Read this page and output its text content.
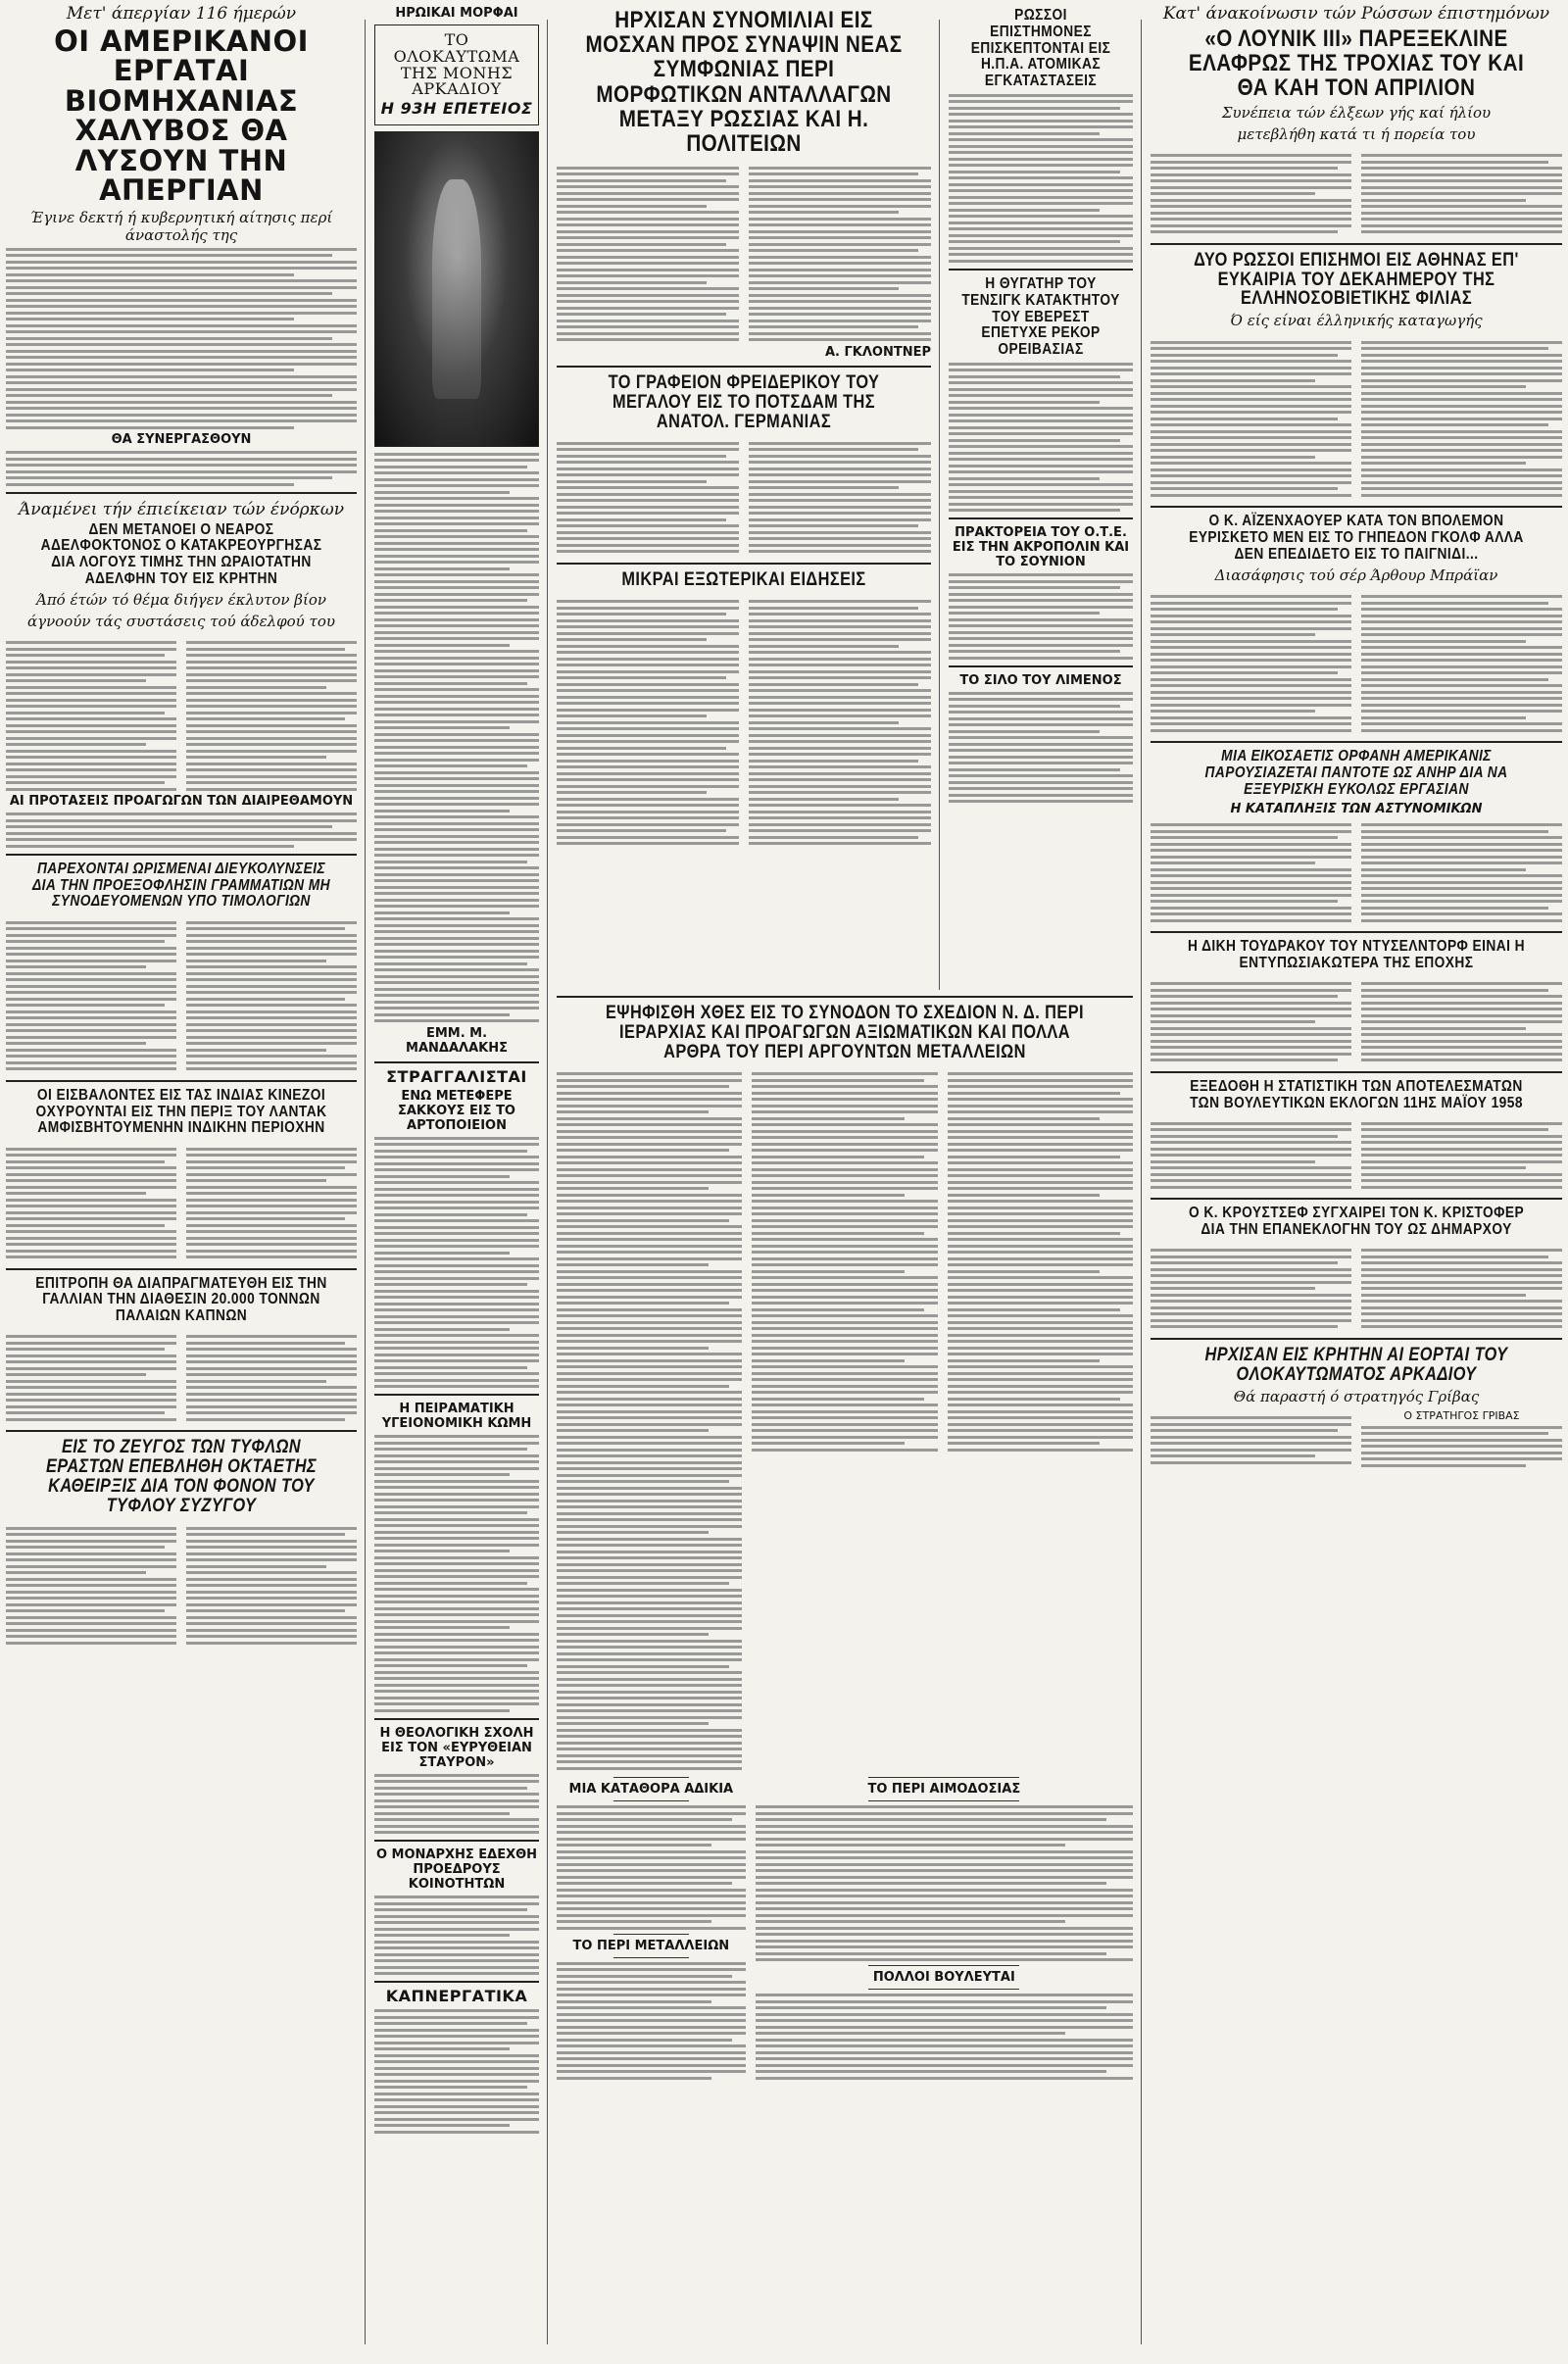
Μετ' άπεργίαν 116 ήμερών
ΟΙ ΑΜΕΡΙΚΑΝΟΙ ΕΡΓΑΤΑΙ ΒΙΟΜΗΧΑΝΙΑΣ ΧΑΛΥΒΟΣ ΘΑ ΛΥΣΟΥΝ ΤΗΝ ΑΠΕΡΓΙΑΝ
Έγινε δεκτή ή κυβερνητική αίτησις περί άναστολής της
ΘΑ ΣΥΝΕΡΓΑΣΘΟΥΝ
Άναμένει τήν έπιείκειαν τών ένόρκων
ΔΕΝ ΜΕΤΑΝΟΕΙ Ο ΝΕΑΡΟΣ ΑΔΕΛΦΟΚΤΟΝΟΣ Ο ΚΑΤΑΚΡΕΟΥΡΓΗΣΑΣ ΔΙΑ ΛΟΓΟΥΣ ΤΙΜΗΣ ΤΗΝ ΩΡΑΙΟΤΑΤΗΝ ΑΔΕΛΦΗΝ ΤΟΥ ΕΙΣ ΚΡΗΤΗΝ
Άπό έτών τό θέμα διήγεν έκλυτον βίον
άγνοούν τάς συστάσεις τού άδελφού του
ΑΙ ΠΡΟΤΑΣΕΙΣ ΠΡΟΑΓΩΓΩΝ ΤΩΝ ΔΙΑΙΡΕΘΑΜΟΥΝ
ΠΑΡΕΧΟΝΤΑΙ ΩΡΙΣΜΕΝΑΙ ΔΙΕΥΚΟΛΥΝΣΕΙΣ ΔΙΑ ΤΗΝ ΠΡΟΕΞΟΦΛΗΣΙΝ ΓΡΑΜΜΑΤΙΩΝ ΜΗ ΣΥΝΟΔΕΥΟΜΕΝΩΝ ΥΠΟ ΤΙΜΟΛΟΓΙΩΝ
ΟΙ ΕΙΣΒΑΛΟΝΤΕΣ ΕΙΣ ΤΑΣ ΙΝΔΙΑΣ ΚΙΝΕΖΟΙ ΟΧΥΡΟΥΝΤΑΙ ΕΙΣ ΤΗΝ ΠΕΡΙΞ ΤΟΥ ΛΑΝΤΑΚ ΑΜΦΙΣΒΗΤΟΥΜΕΝΗΝ ΙΝΔΙΚΗΝ ΠΕΡΙΟΧΗΝ
ΕΠΙΤΡΟΠΗ ΘΑ ΔΙΑΠΡΑΓΜΑΤΕΥΘΗ ΕΙΣ ΤΗΝ ΓΑΛΛΙΑΝ ΤΗΝ ΔΙΑΘΕΣΙΝ 20.000 ΤΟΝΝΩΝ ΠΑΛΑΙΩΝ ΚΑΠΝΩΝ
ΕΙΣ ΤΟ ΖΕΥΓΟΣ ΤΩΝ ΤΥΦΛΩΝ ΕΡΑΣΤΩΝ ΕΠΕΒΛΗΘΗ ΟΚΤΑΕΤΗΣ ΚΑΘΕΙΡΞΙΣ ΔΙΑ ΤΟΝ ΦΟΝΟΝ ΤΟΥ ΤΥΦΛΟΥ ΣΥΖΥΓΟΥ
ΗΡΩΙΚΑΙ ΜΟΡΦΑΙ
ΤΟ ΟΛΟΚΑΥΤΩΜΑ ΤΗΣ ΜΟΝΗΣ ΑΡΚΑΔΙΟΥ
Η 93Η ΕΠΕΤΕΙΟΣ
ΕΜΜ. Μ. ΜΑΝΔΑΛΑΚΗΣ
ΣΤΡΑΓΓΑΛΙΣΤΑΙ
ΕΝΩ ΜΕΤΕΦΕΡΕ ΣΑΚΚΟΥΣ ΕΙΣ ΤΟ ΑΡΤΟΠΟΙΕΙΟΝ
Η ΠΕΙΡΑΜΑΤΙΚΗ ΥΓΕΙΟΝΟΜΙΚΗ ΚΩΜΗ
Η ΘΕΟΛΟΓΙΚΗ ΣΧΟΛΗ ΕΙΣ ΤΟΝ «ΕΥΡΥΘΕΙΑΝ ΣΤΑΥΡΟΝ»
Ο ΜΟΝΑΡΧΗΣ ΕΔΕΧΘΗ ΠΡΟΕΔΡΟΥΣ ΚΟΙΝΟΤΗΤΩΝ
ΚΑΠΝΕΡΓΑΤΙΚΑ
ΗΡΧΙΣΑΝ ΣΥΝΟΜΙΛΙΑΙ ΕΙΣ ΜΟΣΧΑΝ ΠΡΟΣ ΣΥΝΑΨΙΝ ΝΕΑΣ ΣΥΜΦΩΝΙΑΣ ΠΕΡΙ ΜΟΡΦΩΤΙΚΩΝ ΑΝΤΑΛΛΑΓΩΝ ΜΕΤΑΞΥ ΡΩΣΣΙΑΣ ΚΑΙ Η. ΠΟΛΙΤΕΙΩΝ
Α. ΓΚΛΟΝΤΝΕΡ
ΤΟ ΓΡΑΦΕΙΟΝ ΦΡΕΙΔΕΡΙΚΟΥ ΤΟΥ ΜΕΓΑΛΟΥ ΕΙΣ ΤΟ ΠΟΤΣΔΑΜ ΤΗΣ ΑΝΑΤΟΛ. ΓΕΡΜΑΝΙΑΣ
ΜΙΚΡΑΙ ΕΞΩΤΕΡΙΚΑΙ ΕΙΔΗΣΕΙΣ
ΡΩΣΣΟΙ ΕΠΙΣΤΗΜΟΝΕΣ ΕΠΙΣΚΕΠΤΟΝΤΑΙ ΕΙΣ Η.Π.Α. ΑΤΟΜΙΚΑΣ ΕΓΚΑΤΑΣΤΑΣΕΙΣ
Η ΘΥΓΑΤΗΡ ΤΟΥ ΤΕΝΣΙΓΚ ΚΑΤΑΚΤΗΤΟΥ ΤΟΥ ΕΒΕΡΕΣΤ ΕΠΕΤΥΧΕ ΡΕΚΟΡ ΟΡΕΙΒΑΣΙΑΣ
ΠΡΑΚΤΟΡΕΙΑ ΤΟΥ Ο.Τ.Ε. ΕΙΣ ΤΗΝ ΑΚΡΟΠΟΛΙΝ ΚΑΙ ΤΟ ΣΟΥΝΙΟΝ
ΤΟ ΣΙΛΟ ΤΟΥ ΛΙΜΕΝΟΣ
ΕΨΗΦΙΣΘΗ ΧΘΕΣ ΕΙΣ ΤΟ ΣΥΝΟΔΟΝ ΤΟ ΣΧΕΔΙΟΝ Ν. Δ. ΠΕΡΙ ΙΕΡΑΡΧΙΑΣ ΚΑΙ ΠΡΟΑΓΩΓΩΝ ΑΞΙΩΜΑΤΙΚΩΝ ΚΑΙ ΠΟΛΛΑ ΑΡΘΡΑ ΤΟΥ ΠΕΡΙ ΑΡΓΟΥΝΤΩΝ ΜΕΤΑΛΛΕΙΩΝ
ΜΙΑ ΚΑΤΑΘΟΡΑ ΑΔΙΚΙΑ
ΤΟ ΠΕΡΙ ΜΕΤΑΛΛΕΙΩΝ
ΤΟ ΠΕΡΙ ΑΙΜΟΔΟΣΙΑΣ
ΠΟΛΛΟΙ ΒΟΥΛΕΥΤΑΙ
Κατ' άνακοίνωσιν τών Ρώσσων έπιστημόνων
«Ο ΛΟΥΝΙΚ ΙΙΙ» ΠΑΡΕΞΕΚΛΙΝΕ ΕΛΑΦΡΩΣ ΤΗΣ ΤΡΟΧΙΑΣ ΤΟΥ ΚΑΙ ΘΑ ΚΑΗ ΤΟΝ ΑΠΡΙΛΙΟΝ
Συνέπεια τών έλξεων γής καί ήλίου
μετεβλήθη κατά τι ή πορεία του
ΔΥΟ ΡΩΣΣΟΙ ΕΠΙΣΗΜΟΙ ΕΙΣ ΑΘΗΝΑΣ ΕΠ' ΕΥΚΑΙΡΙΑ ΤΟΥ ΔΕΚΑΗΜΕΡΟΥ ΤΗΣ ΕΛΛΗΝΟΣΟΒΙΕΤΙΚΗΣ ΦΙΛΙΑΣ
Ό είς είναι έλληνικής καταγωγής
Ο Κ. ΑΪΖΕΝΧΑΟΥΕΡ ΚΑΤΑ ΤΟΝ ΒΠΟΛΕΜΟΝ ΕΥΡΙΣΚΕΤΟ ΜΕΝ ΕΙΣ ΤΟ ΓΗΠΕΔΟΝ ΓΚΟΛΦ ΑΛΛΑ ΔΕΝ ΕΠΕΔΙΔΕΤΟ ΕΙΣ ΤΟ ΠΑΙΓΝΙΔΙ...
Διασάφησις τού σέρ Άρθουρ Μπράϊαν
ΜΙΑ ΕΙΚΟΣΑΕΤΙΣ ΟΡΦΑΝΗ ΑΜΕΡΙΚΑΝΙΣ ΠΑΡΟΥΣΙΑΖΕΤΑΙ ΠΑΝΤΟΤΕ ΩΣ ΑΝΗΡ ΔΙΑ ΝΑ ΕΞΕΥΡΙΣΚΗ ΕΥΚΟΛΩΣ ΕΡΓΑΣΙΑΝ
Η ΚΑΤΑΠΛΗΞΙΣ ΤΩΝ ΑΣΤΥΝΟΜΙΚΩΝ
Η ΔΙΚΗ ΤΟΥΔΡΑΚΟΥ ΤΟΥ ΝΤΥΣΕΛΝΤΟΡΦ ΕΙΝΑΙ Η ΕΝΤΥΠΩΣΙΑΚΩΤΕΡΑ ΤΗΣ ΕΠΟΧΗΣ
ΕΞΕΔΟΘΗ Η ΣΤΑΤΙΣΤΙΚΗ ΤΩΝ ΑΠΟΤΕΛΕΣΜΑΤΩΝ ΤΩΝ ΒΟΥΛΕΥΤΙΚΩΝ ΕΚΛΟΓΩΝ 11ΗΣ ΜΑΪΟΥ 1958
Ο Κ. ΚΡΟΥΣΤΣΕΦ ΣΥΓΧΑΙΡΕΙ ΤΟΝ Κ. ΚΡΙΣΤΟΦΕΡ ΔΙΑ ΤΗΝ ΕΠΑΝΕΚΛΟΓΗΝ ΤΟΥ ΩΣ ΔΗΜΑΡΧΟΥ
ΗΡΧΙΣΑΝ ΕΙΣ ΚΡΗΤΗΝ ΑΙ ΕΟΡΤΑΙ ΤΟΥ ΟΛΟΚΑΥΤΩΜΑΤΟΣ ΑΡΚΑΔΙΟΥ
Θά παραστή ό στρατηγός Γρίβας
Ο ΣΤΡΑΤΗΓΟΣ ΓΡΙΒΑΣ
